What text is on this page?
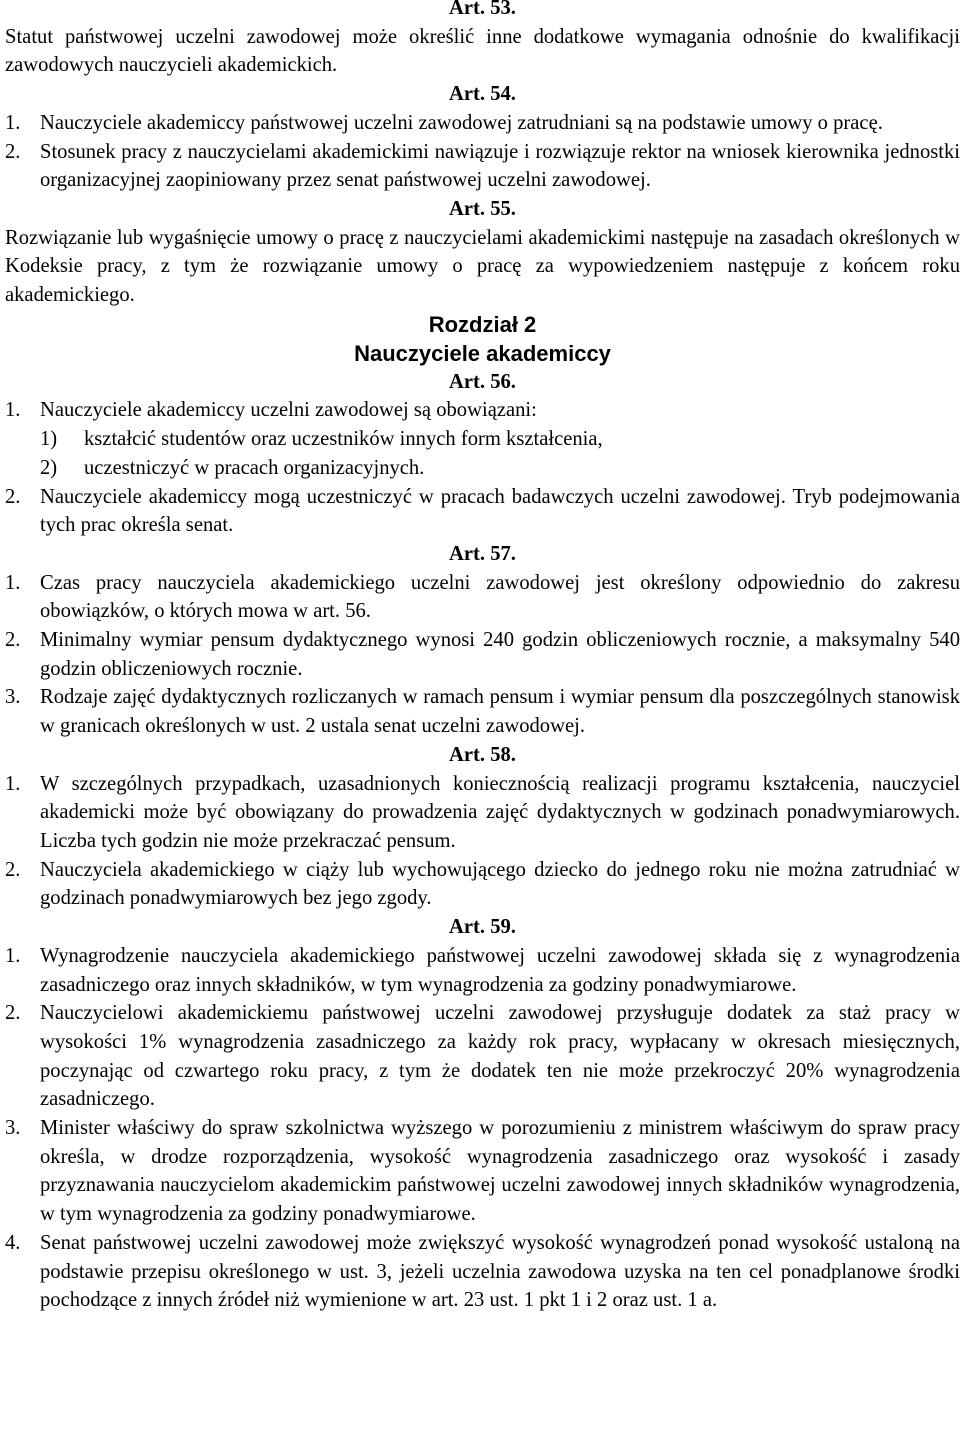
Art. 53.
Statut państwowej uczelni zawodowej może określić inne dodatkowe wymagania odnośnie do kwalifikacji zawodowych nauczycieli akademickich.
Art. 54.
1. Nauczyciele akademiccy państwowej uczelni zawodowej zatrudniani są na podstawie umowy o pracę.
2. Stosunek pracy z nauczycielami akademickimi nawiązuje i rozwiązuje rektor na wniosek kierownika jednostki organizacyjnej zaopiniowany przez senat państwowej uczelni zawodowej.
Art. 55.
Rozwiązanie lub wygaśnięcie umowy o pracę z nauczycielami akademickimi następuje na zasadach określonych w Kodeksie pracy, z tym że rozwiązanie umowy o pracę za wypowiedzeniem następuje z końcem roku akademickiego.
Rozdział 2
Nauczyciele akademiccy
Art. 56.
1. Nauczyciele akademiccy uczelni zawodowej są obowiązani:
1)	kształcić studentów oraz uczestników innych form kształcenia,
2)	uczestniczyć w pracach organizacyjnych.
2. Nauczyciele akademiccy mogą uczestniczyć w pracach badawczych uczelni zawodowej. Tryb podejmowania tych prac określa senat.
Art. 57.
1. Czas pracy nauczyciela akademickiego uczelni zawodowej jest określony odpowiednio do zakresu obowiązków, o których mowa w art. 56.
2. Minimalny wymiar pensum dydaktycznego wynosi 240 godzin obliczeniowych rocznie, a maksymalny 540 godzin obliczeniowych rocznie.
3. Rodzaje zajęć dydaktycznych rozliczanych w ramach pensum i wymiar pensum dla poszczególnych stanowisk w granicach określonych w ust. 2 ustala senat uczelni zawodowej.
Art. 58.
1. W szczególnych przypadkach, uzasadnionych koniecznością realizacji programu kształcenia, nauczyciel akademicki może być obowiązany do prowadzenia zajęć dydaktycznych w godzinach ponadwymiarowych. Liczba tych godzin nie może przekraczać pensum.
2. Nauczyciela akademickiego w ciąży lub wychowującego dziecko do jednego roku nie można zatrudniać w godzinach ponadwymiarowych bez jego zgody.
Art. 59.
1. Wynagrodzenie nauczyciela akademickiego państwowej uczelni zawodowej składa się z wynagrodzenia zasadniczego oraz innych składników, w tym wynagrodzenia za godziny ponadwymiarowe.
2. Nauczycielowi akademickiemu państwowej uczelni zawodowej przysługuje dodatek za staż pracy w wysokości 1% wynagrodzenia zasadniczego za każdy rok pracy, wypłacany w okresach miesięcznych, poczynając od czwartego roku pracy, z tym że dodatek ten nie może przekroczyć 20% wynagrodzenia zasadniczego.
3. Minister właściwy do spraw szkolnictwa wyższego w porozumieniu z ministrem właściwym do spraw pracy określa, w drodze rozporządzenia, wysokość wynagrodzenia zasadniczego oraz wysokość i zasady przyznawania nauczycielom akademickim państwowej uczelni zawodowej innych składników wynagrodzenia, w tym wynagrodzenia za godziny ponadwymiarowe.
4. Senat państwowej uczelni zawodowej może zwiększyć wysokość wynagrodzeń ponad wysokość ustaloną na podstawie przepisu określonego w ust. 3, jeżeli uczelnia zawodowa uzyska na ten cel ponadplanowe środki pochodzące z innych źródeł niż wymienione w art. 23 ust. 1 pkt 1 i 2 oraz ust. 1 a.
